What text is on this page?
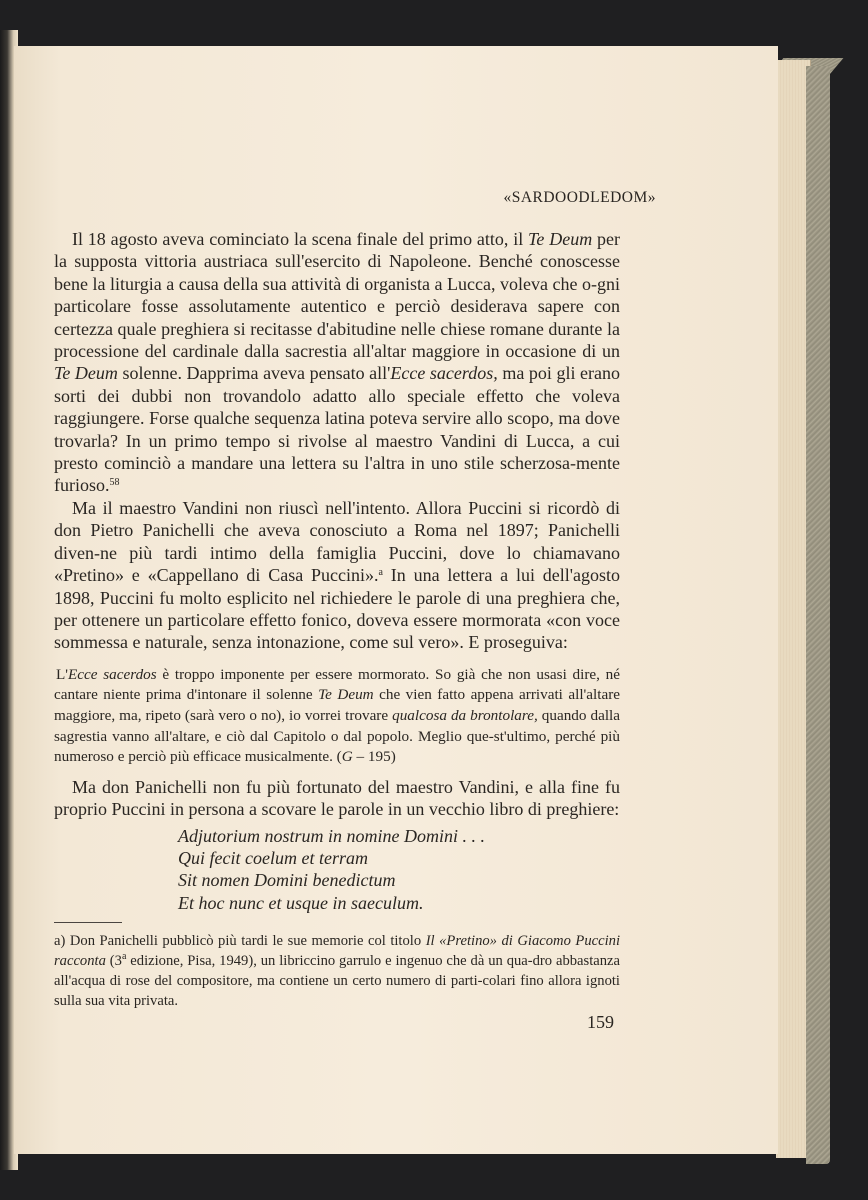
«SARDOODLEDOM»

Il 18 agosto aveva cominciato la scena finale del primo atto, il Te Deum per la supposta vittoria austriaca sull'esercito di Napoleone. Benché conoscesse bene la liturgia a causa della sua attività di organista a Lucca, voleva che o-gni particolare fosse assolutamente autentico e perciò desiderava sapere con certezza quale preghiera si recitasse d'abitudine nelle chiese romane durante la processione del cardinale dalla sacrestia all'altar maggiore in occasione di un Te Deum solenne. Dapprima aveva pensato all'Ecce sacerdos, ma poi gli erano sorti dei dubbi non trovandolo adatto allo speciale effetto che voleva raggiungere. Forse qualche sequenza latina poteva servire allo scopo, ma dove trovarla? In un primo tempo si rivolse al maestro Vandini di Lucca, a cui presto cominciò a mandare una lettera su l'altra in uno stile scherzosa-mente furioso.$^{58}$

Ma il maestro Vandini non riuscì nell'intento. Allora Puccini si ricordò di don Pietro Panichelli che aveva conosciuto a Roma nel 1897; Panichelli diven-ne più tardi intimo della famiglia Puccini, dove lo chiamavano «Pretino» e «Cappellano di Casa Puccini».$^a$ In una lettera a lui dell'agosto 1898, Puccini fu molto esplicito nel richiedere le parole di una preghiera che, per ottenere un particolare effetto fonico, doveva essere mormorata «con voce sommessa e naturale, senza intonazione, come sul vero». E proseguiva:

L'Ecce sacerdos è troppo imponente per essere mormorato. So già che non usasi dire, né cantare niente prima d'intonare il solenne Te Deum che vien fatto appena arrivati all'altare maggiore, ma, ripeto (sarà vero o no), io vorrei trovare qualcosa da brontolare, quando dalla sagrestia vanno all'altare, e ciò dal Capitolo o dal popolo. Meglio que-st'ultimo, perché più numeroso e perciò più efficace musicalmente. (G – 195)

Ma don Panichelli non fu più fortunato del maestro Vandini, e alla fine fu proprio Puccini in persona a scovare le parole in un vecchio libro di preghiere:

Adjutorium nostrum in nomine Domini . . .
Qui fecit coelum et terram
Sit nomen Domini benedictum
Et hoc nunc et usque in saeculum.

a) Don Panichelli pubblicò più tardi le sue memorie col titolo Il «Pretino» di Giacomo Puccini racconta (3$^a$ edizione, Pisa, 1949), un libriccino garrulo e ingenuo che dà un qua-dro abbastanza all'acqua di rose del compositore, ma contiene un certo numero di parti-colari fino allora ignoti sulla sua vita privata.

159
